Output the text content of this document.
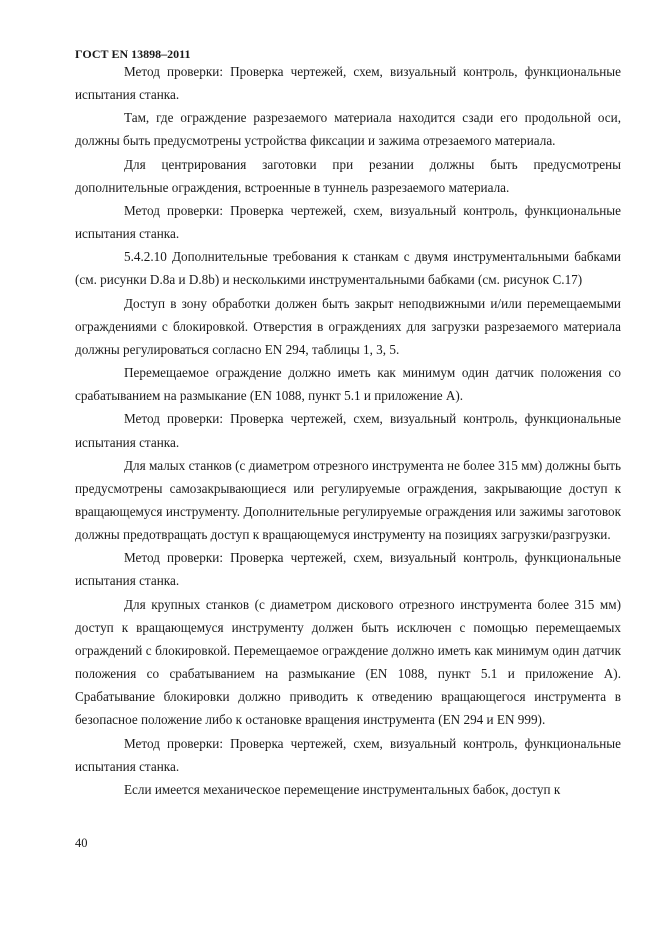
ГОСТ EN 13898–2011

Метод проверки: Проверка чертежей, схем, визуальный контроль, функциональные испытания станка.

Там, где ограждение разрезаемого материала находится сзади его продольной оси, должны быть предусмотрены устройства фиксации и зажима отрезаемого материала.

Для центрирования заготовки при резании должны быть предусмотрены дополнительные ограждения, встроенные в туннель разрезаемого материала.

Метод проверки: Проверка чертежей, схем, визуальный контроль, функциональные испытания станка.

5.4.2.10 Дополнительные требования к станкам с двумя инструментальными бабками (см. рисунки D.8a и D.8b) и несколькими инструментальными бабками (см. рисунок C.17)

Доступ в зону обработки должен быть закрыт неподвижными и/или перемещаемыми ограждениями с блокировкой. Отверстия в ограждениях для загрузки разрезаемого материала должны регулироваться согласно EN 294, таблицы 1, 3, 5.

Перемещаемое ограждение должно иметь как минимум один датчик положения со срабатыванием на размыкание (EN 1088, пункт 5.1 и приложение А).

Метод проверки: Проверка чертежей, схем, визуальный контроль, функциональные испытания станка.

Для малых станков (с диаметром отрезного инструмента не более 315 мм) должны быть предусмотрены самозакрывающиеся или регулируемые ограждения, закрывающие доступ к вращающемуся инструменту. Дополнительные регулируемые ограждения или зажимы заготовок должны предотвращать доступ к вращающемуся инструменту на позициях загрузки/разгрузки.

Метод проверки: Проверка чертежей, схем, визуальный контроль, функциональные испытания станка.

Для крупных станков (с диаметром дискового отрезного инструмента более 315 мм) доступ к вращающемуся инструменту должен быть исключен с помощью перемещаемых ограждений с блокировкой. Перемещаемое ограждение должно иметь как минимум один датчик положения со срабатыванием на размыкание (EN 1088, пункт 5.1 и приложение А). Срабатывание блокировки должно приводить к отведению вращающегося инструмента в безопасное положение либо к остановке вращения инструмента (EN 294 и EN 999).

Метод проверки: Проверка чертежей, схем, визуальный контроль, функциональные испытания станка.

Если имеется механическое перемещение инструментальных бабок, доступ к

40
